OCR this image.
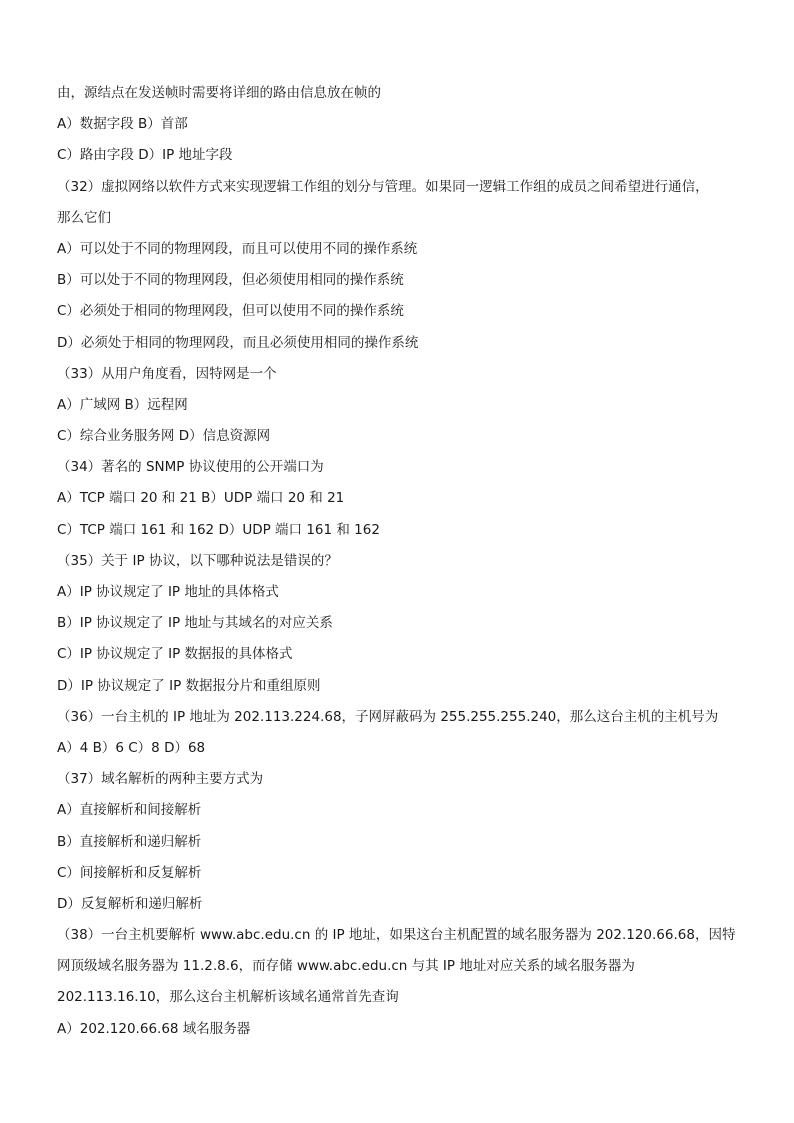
由，源结点在发送帧时需要将详细的路由信息放在帧的
A）数据字段 B）首部
C）路由字段 D）IP 地址字段
（32）虚拟网络以软件方式来实现逻辑工作组的划分与管理。如果同一逻辑工作组的成员之间希望进行通信，
那么它们
A）可以处于不同的物理网段，而且可以使用不同的操作系统
B）可以处于不同的物理网段，但必须使用相同的操作系统
C）必须处于相同的物理网段，但可以使用不同的操作系统
D）必须处于相同的物理网段，而且必须使用相同的操作系统
（33）从用户角度看，因特网是一个
A）广域网 B）远程网
C）综合业务服务网 D）信息资源网
（34）著名的 SNMP 协议使用的公开端口为
A）TCP 端口 20 和 21 B）UDP 端口 20 和 21
C）TCP 端口 161 和 162 D）UDP 端口 161 和 162
（35）关于 IP 协议，以下哪种说法是错误的？
A）IP 协议规定了 IP 地址的具体格式
B）IP 协议规定了 IP 地址与其域名的对应关系
C）IP 协议规定了 IP 数据报的具体格式
D）IP 协议规定了 IP 数据报分片和重组原则
（36）一台主机的 IP 地址为 202.113.224.68，子网屏蔽码为 255.255.255.240，那么这台主机的主机号为
A）4 B）6 C）8 D）68
（37）域名解析的两种主要方式为
A）直接解析和间接解析
B）直接解析和递归解析
C）间接解析和反复解析
D）反复解析和递归解析
（38）一台主机要解析 www.abc.edu.cn 的 IP 地址，如果这台主机配置的域名服务器为 202.120.66.68，因特
网顶级域名服务器为 11.2.8.6，而存储 www.abc.edu.cn 与其 IP 地址对应关系的域名服务器为
202.113.16.10，那么这台主机解析该域名通常首先查询
A）202.120.66.68 域名服务器
